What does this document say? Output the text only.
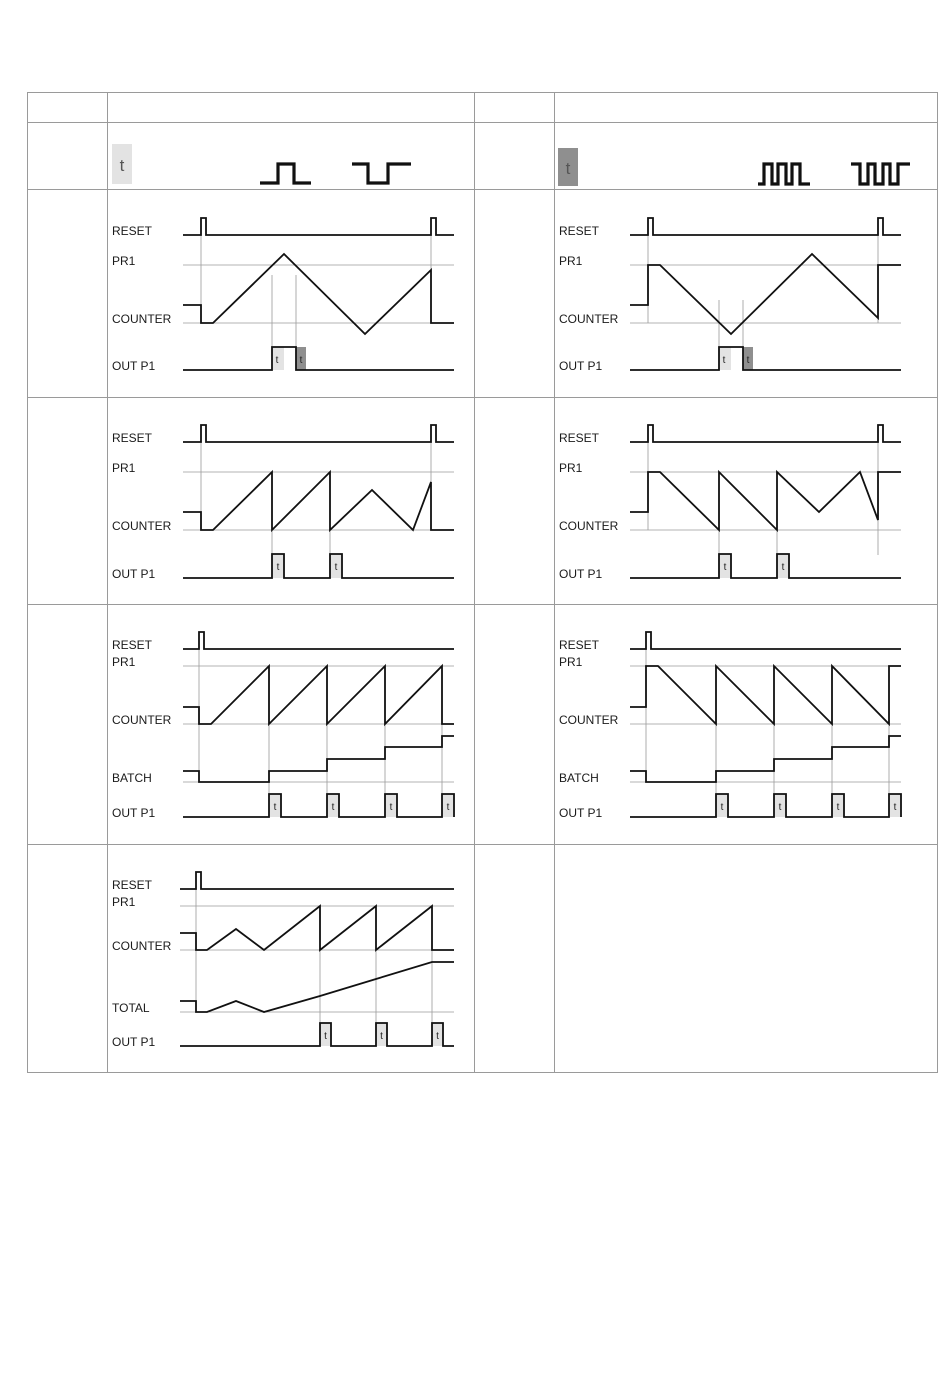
t	t
RESET
PR1
COUNTER
OUT P1	t t
RESET
PR1
COUNTER
OUT P1	t t
RESET
PR1
COUNTER
OUT P1	t	t
RESET
PR1
COUNTER
OUT P1	t	t
RESET
PR1
COUNTER
BATCH
OUT P1	t	t	t	t
RESET
PR1
COUNTER
BATCH
OUT P1	t	t	t	t
RESET
PR1
COUNTER
TOTAL
OUT P1	t	t	t
